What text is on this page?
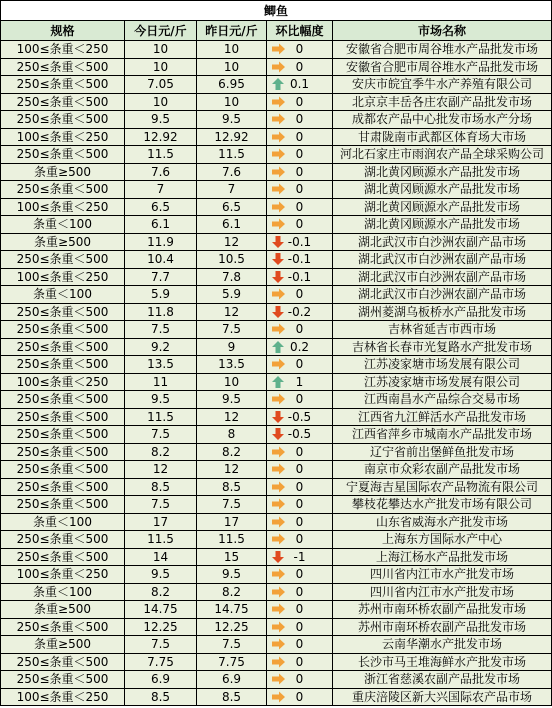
鲫鱼				
规格	今日元/斤	昨日元/斤	环比幅度	市场名称
100≤条重＜250	10	10	0	安徽省合肥市周谷堆水产品批发市场
250≤条重＜500	10	10	0	安徽省合肥市周谷堆水产品批发市场
250≤条重＜500	7.05	6.95	0.1	安庆市皖宜季牛水产养殖有限公司
250≤条重＜500	10	10	0	北京京丰岳各庄农副产品批发市场
250≤条重＜500	9.5	9.5	0	成都农产品中心批发市场水产分场
100≤条重＜250	12.92	12.92	0	甘肃陇南市武都区体育场大市场
250≤条重＜500	11.5	11.5	0	河北石家庄市雨润农产品全球采购公司
条重≥500	7.6	7.6	0	湖北黄冈顾源水产品批发市场
250≤条重＜500	7	7	0	湖北黄冈顾源水产品批发市场
100≤条重＜250	6.5	6.5	0	湖北黄冈顾源水产品批发市场
条重＜100	6.1	6.1	0	湖北黄冈顾源水产品批发市场
条重≥500	11.9	12	-0.1	湖北武汉市白沙洲农副产品市场
250≤条重＜500	10.4	10.5	-0.1	湖北武汉市白沙洲农副产品市场
100≤条重＜250	7.7	7.8	-0.1	湖北武汉市白沙洲农副产品市场
条重＜100	5.9	5.9	0	湖北武汉市白沙洲农副产品市场
250≤条重＜500	11.8	12	-0.2	湖州菱湖乌板桥水产品批发市场
250≤条重＜500	7.5	7.5	0	吉林省延吉市西市场
250≤条重＜500	9.2	9	0.2	吉林省长春市光复路水产批发市场
250≤条重＜500	13.5	13.5	0	江苏凌家塘市场发展有限公司
100≤条重＜250	11	10	1	江苏凌家塘市场发展有限公司
250≤条重＜500	9.5	9.5	0	江西南昌水产品综合交易市场
250≤条重＜500	11.5	12	-0.5	江西省九江鲜活水产品批发市场
250≤条重＜500	7.5	8	-0.5	江西省萍乡市城南水产品批发市场
250≤条重＜500	8.2	8.2	0	辽宁省前岀堡鲜鱼批发市场
250≤条重＜500	12	12	0	南京市众彩农副产品批发市场
250≤条重＜500	8.5	8.5	0	宁夏海吉星国际农产品物流有限公司
250≤条重＜500	7.5	7.5	0	攀枝花攀达水产批发市场有限公司
条重＜100	17	17	0	山东省威海水产批发市场
250≤条重＜500	11.5	11.5	0	上海东方国际水产中心
250≤条重＜500	14	15	-1	上海江杨水产品批发市场
100≤条重＜250	9.5	9.5	0	四川省内江市水产批发市场
条重＜100	8.2	8.2	0	四川省内江市水产批发市场
条重≥500	14.75	14.75	0	苏州市南环桥农副产品批发市场
250≤条重＜500	12.25	12.25	0	苏州市南环桥农副产品批发市场
条重≥500	7.5	7.5	0	云南华潮水产批发市场
250≤条重＜500	7.75	7.75	0	长沙市马王堆海鲜水产批发市场
250≤条重＜500	6.9	6.9	0	浙江省慈溪农副产品批发市场
100≤条重＜250	8.5	8.5	0	重庆涪陵区新大兴国际农产品市场
